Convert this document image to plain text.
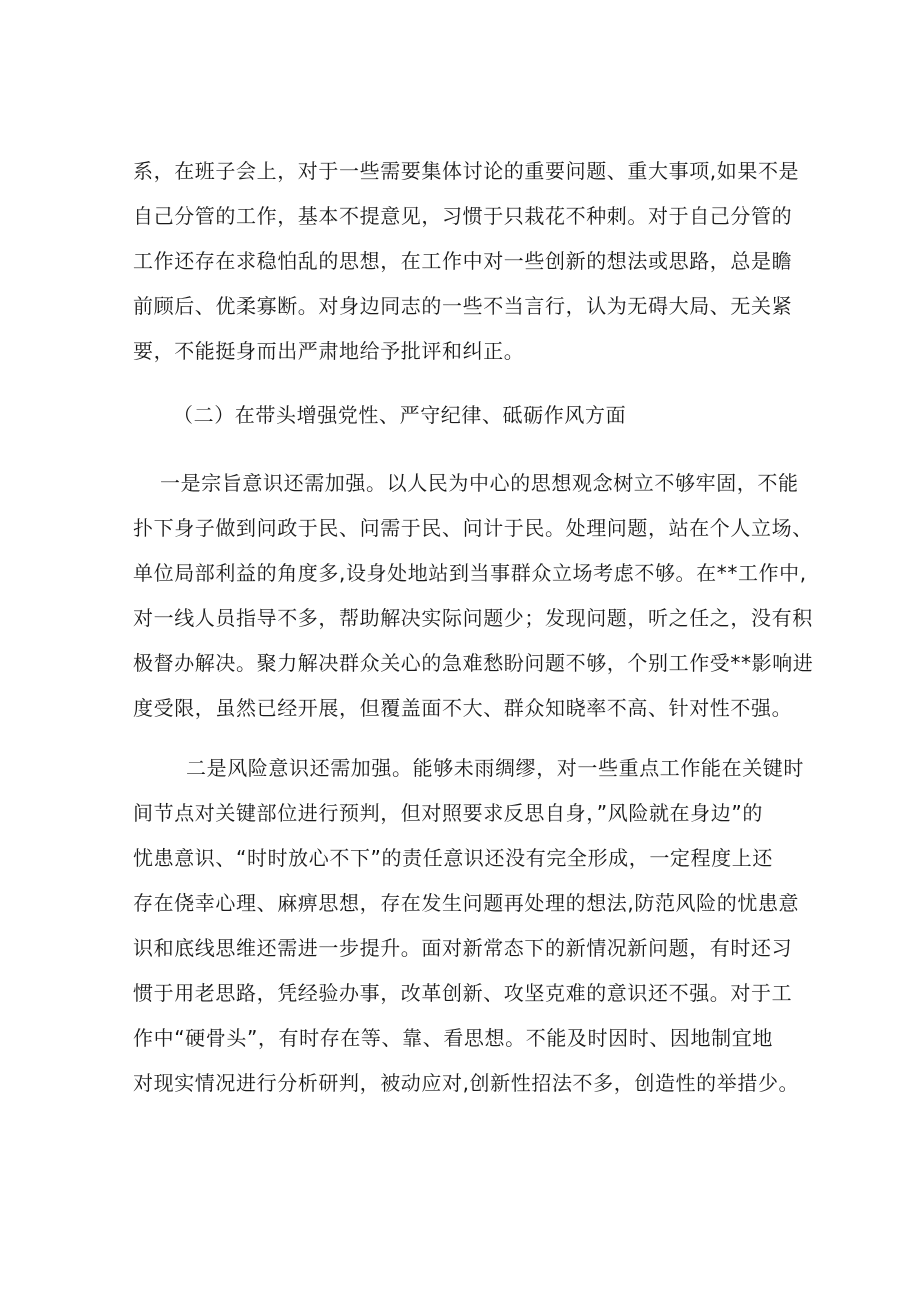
系，在班子会上，对于一些需要集体讨论的重要问题、重大事项,如果不是
自己分管的工作，基本不提意见，习惯于只栽花不种刺。对于自己分管的
工作还存在求稳怕乱的思想，在工作中对一些创新的想法或思路，总是瞻
前顾后、优柔寡断。对身边同志的一些不当言行，认为无碍大局、无关紧
要，不能挺身而出严肃地给予批评和纠正。
（二）在带头增强党性、严守纪律、砥砺作风方面
一是宗旨意识还需加强。以人民为中心的思想观念树立不够牢固，不能
扑下身子做到问政于民、问需于民、问计于民。处理问题，站在个人立场、
单位局部利益的角度多,设身处地站到当事群众立场考虑不够。在**工作中,
对一线人员指导不多，帮助解决实际问题少；发现问题，听之任之，没有积
极督办解决。聚力解决群众关心的急难愁盼问题不够，个别工作受**影响进
度受限，虽然已经开展，但覆盖面不大、群众知晓率不高、针对性不强。
二是风险意识还需加强。能够未雨绸缪，对一些重点工作能在关键时
间节点对关键部位进行预判，但对照要求反思自身，”风险就在身边”的
忧患意识、“时时放心不下”的责任意识还没有完全形成，一定程度上还
存在侥幸心理、麻痹思想，存在发生问题再处理的想法,防范风险的忧患意
识和底线思维还需进一步提升。面对新常态下的新情况新问题，有时还习
惯于用老思路，凭经验办事，改革创新、攻坚克难的意识还不强。对于工
作中“硬骨头”，有时存在等、靠、看思想。不能及时因时、因地制宜地
对现实情况进行分析研判，被动应对,创新性招法不多，创造性的举措少。
